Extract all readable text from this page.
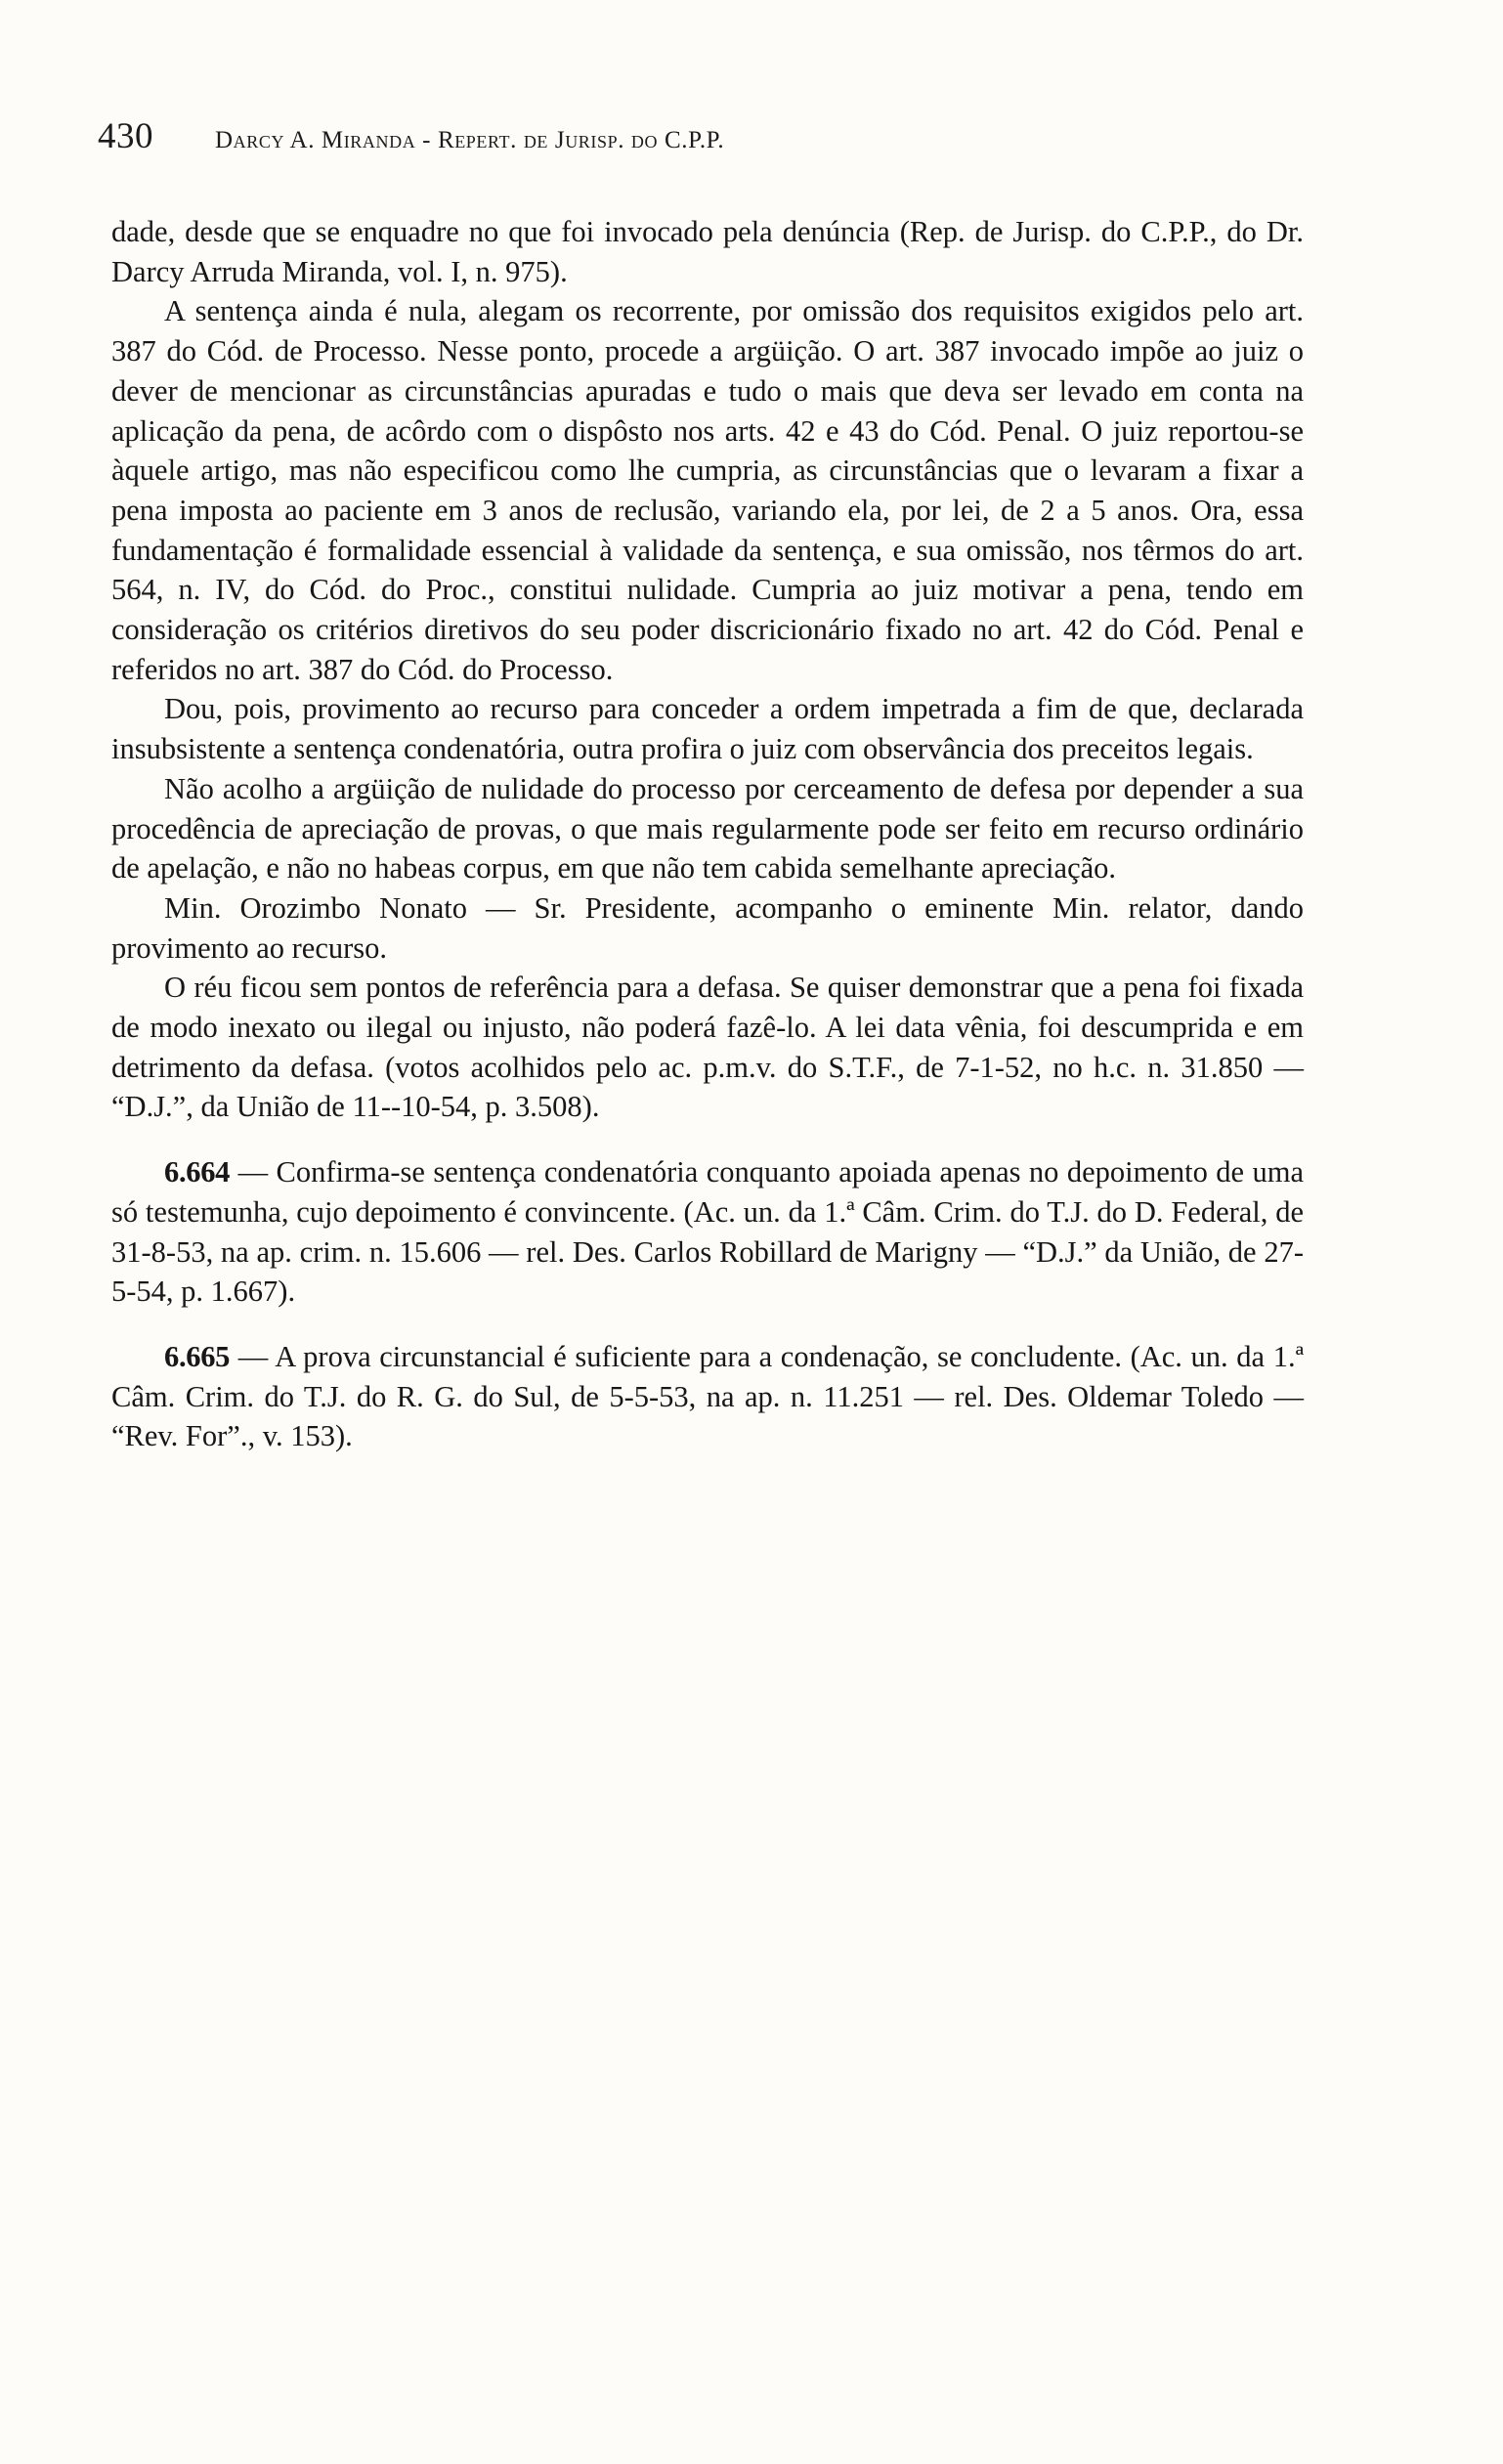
430	Darcy A. Miranda - Repert. de Jurisp. do C.P.P.

dade, desde que se enquadre no que foi invocado pela denúncia (Rep. de Jurisp. do C.P.P., do Dr. Darcy Arruda Miranda, vol. I, n. 975).

A sentença ainda é nula, alegam os recorrente, por omissão dos requisitos exigidos pelo art. 387 do Cód. de Processo. Nesse ponto, procede a argüição. O art. 387 invocado impõe ao juiz o dever de mencionar as circunstâncias apuradas e tudo o mais que deva ser levado em conta na aplicação da pena, de acôrdo com o dispôsto nos arts. 42 e 43 do Cód. Penal. O juiz reportou-se àquele artigo, mas não especificou como lhe cumpria, as circunstâncias que o levaram a fixar a pena imposta ao paciente em 3 anos de reclusão, variando ela, por lei, de 2 a 5 anos. Ora, essa fundamentação é formalidade essencial à validade da sentença, e sua omissão, nos têrmos do art. 564, n. IV, do Cód. do Proc., constitui nulidade. Cumpria ao juiz motivar a pena, tendo em consideração os critérios diretivos do seu poder discricionário fixado no art. 42 do Cód. Penal e referidos no art. 387 do Cód. do Processo.

Dou, pois, provimento ao recurso para conceder a ordem impetrada a fim de que, declarada insubsistente a sentença condenatória, outra profira o juiz com observância dos preceitos legais.

Não acolho a argüição de nulidade do processo por cerceamento de defesa por depender a sua procedência de apreciação de provas, o que mais regularmente pode ser feito em recurso ordinário de apelação, e não no habeas corpus, em que não tem cabida semelhante apreciação.

Min. Orozimbo Nonato — Sr. Presidente, acompanho o eminente Min. relator, dando provimento ao recurso.

O réu ficou sem pontos de referência para a defasa. Se quiser demonstrar que a pena foi fixada de modo inexato ou ilegal ou injusto, não poderá fazê-lo. A lei data vênia, foi descumprida e em detrimento da defasa. (votos acolhidos pelo ac. p.m.v. do S.T.F., de 7-1-52, no h.c. n. 31.850 — “D.J.”, da União de 11--10-54, p. 3.508).

6.664 — Confirma-se sentença condenatória conquanto apoiada apenas no depoimento de uma só testemunha, cujo depoimento é convincente. (Ac. un. da 1.ª Câm. Crim. do T.J. do D. Federal, de 31-8-53, na ap. crim. n. 15.606 — rel. Des. Carlos Robillard de Marigny — “D.J.” da União, de 27-5-54, p. 1.667).

6.665 — A prova circunstancial é suficiente para a condenação, se concludente. (Ac. un. da 1.ª Câm. Crim. do T.J. do R. G. do Sul, de 5-5-53, na ap. n. 11.251 — rel. Des. Oldemar Toledo — “Rev. For”., v. 153).
